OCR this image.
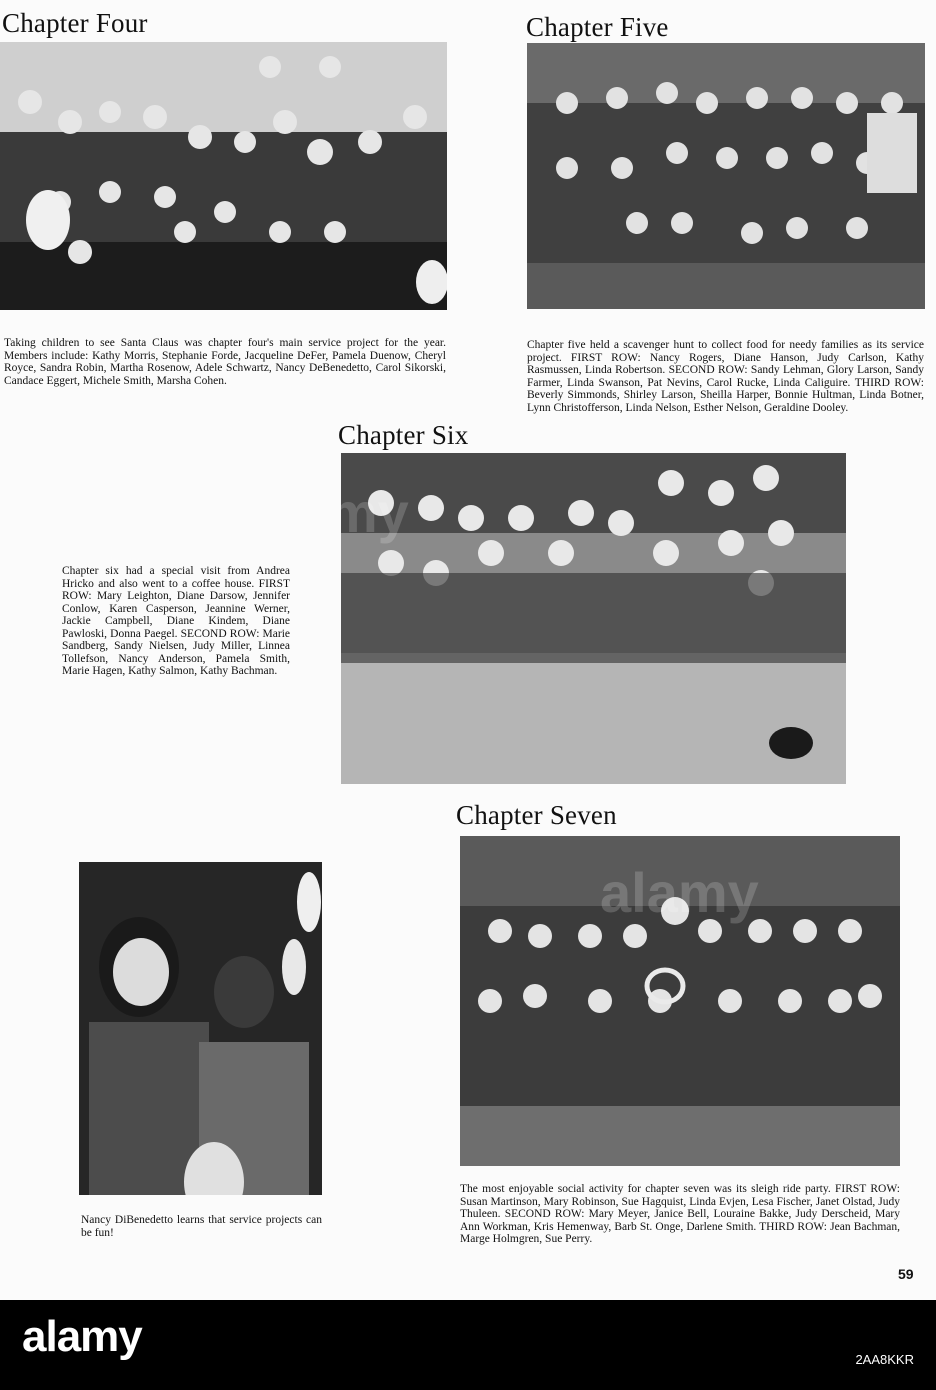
Chapter Four

Taking children to see Santa Claus was chapter four's main service project for the year. Members include: Kathy Morris, Stephanie Forde, Jacqueline DeFer, Pamela Duenow, Cheryl Royce, Sandra Robin, Martha Rosenow, Adele Schwartz, Nancy DeBenedetto, Carol Sikorski, Candace Eggert, Michele Smith, Marsha Cohen.

Chapter Five

Chapter five held a scavenger hunt to collect food for needy families as its service project. FIRST ROW: Nancy Rogers, Diane Hanson, Judy Carlson, Kathy Rasmussen, Linda Robertson. SECOND ROW: Sandy Lehman, Glory Larson, Sandy Farmer, Linda Swanson, Pat Nevins, Carol Rucke, Linda Caliguire. THIRD ROW: Beverly Simmonds, Shirley Larson, Sheilla Harper, Bonnie Hultman, Linda Botner, Lynn Christofferson, Linda Nelson, Esther Nelson, Geraldine Dooley.

Chapter Six

Chapter six had a special visit from Andrea Hricko and also went to a coffee house. FIRST ROW: Mary Leighton, Diane Darsow, Jennifer Conlow, Karen Casperson, Jeannine Werner, Jackie Campbell, Diane Kindem, Diane Pawloski, Donna Paegel. SECOND ROW: Marie Sandberg, Sandy Nielsen, Judy Miller, Linnea Tollefson, Nancy Anderson, Pamela Smith, Marie Hagen, Kathy Salmon, Kathy Bachman.

Chapter Seven

The most enjoyable social activity for chapter seven was its sleigh ride party. FIRST ROW: Susan Martinson, Mary Robinson, Sue Hagquist, Linda Evjen, Lesa Fischer, Janet Olstad, Judy Thuleen. SECOND ROW: Mary Meyer, Janice Bell, Louraine Bakke, Judy Derscheid, Mary Ann Workman, Kris Hemenway, Barb St. Onge, Darlene Smith. THIRD ROW: Jean Bachman, Marge Holmgren, Sue Perry.

Nancy DiBenedetto learns that service projects can be fun!

59
alamy
alamy	2AA8KKR
